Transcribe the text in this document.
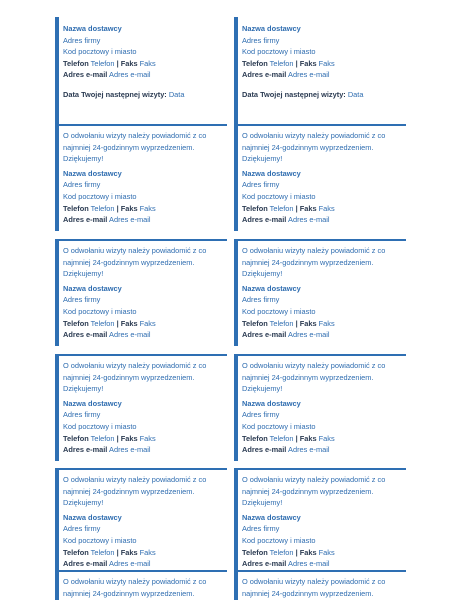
Nazwa dostawcy

Adres firmy

Kod pocztowy i miasto

Telefon Telefon | Faks Faks

Adres e-mail Adres e-mail

Data Twojej następnej wizyty: Data

O odwołaniu wizyty należy powiadomić z co
najmniej 24-godzinnym wyprzedzeniem.
Dziękujemy!

Nazwa dostawcy

Adres firmy

Kod pocztowy i miasto

Telefon Telefon | Faks Faks

Adres e-mail Adres e-mail

O odwołaniu wizyty należy powiadomić z co
najmniej 24-godzinnym wyprzedzeniem.
Dziękujemy!

Nazwa dostawcy

Adres firmy

Kod pocztowy i miasto

Telefon Telefon | Faks Faks

Adres e-mail Adres e-mail

O odwołaniu wizyty należy powiadomić z co
najmniej 24-godzinnym wyprzedzeniem.
Dziękujemy!

Nazwa dostawcy

Adres firmy

Kod pocztowy i miasto

Telefon Telefon | Faks Faks

Adres e-mail Adres e-mail

O odwołaniu wizyty należy powiadomić z co
najmniej 24-godzinnym wyprzedzeniem.
Dziękujemy!

Nazwa dostawcy

Adres firmy

Kod pocztowy i miasto

Telefon Telefon | Faks Faks

Adres e-mail Adres e-mail

O odwołaniu wizyty należy powiadomić z co
najmniej 24-godzinnym wyprzedzeniem.

Nazwa dostawcy

Adres firmy

Kod pocztowy i miasto

Telefon Telefon | Faks Faks

Adres e-mail Adres e-mail

Data Twojej następnej wizyty: Data

O odwołaniu wizyty należy powiadomić z co
najmniej 24-godzinnym wyprzedzeniem.
Dziękujemy!

Nazwa dostawcy

Adres firmy

Kod pocztowy i miasto

Telefon Telefon | Faks Faks

Adres e-mail Adres e-mail

O odwołaniu wizyty należy powiadomić z co
najmniej 24-godzinnym wyprzedzeniem.
Dziękujemy!

Nazwa dostawcy

Adres firmy

Kod pocztowy i miasto

Telefon Telefon | Faks Faks

Adres e-mail Adres e-mail

O odwołaniu wizyty należy powiadomić z co
najmniej 24-godzinnym wyprzedzeniem.
Dziękujemy!

Nazwa dostawcy

Adres firmy

Kod pocztowy i miasto

Telefon Telefon | Faks Faks

Adres e-mail Adres e-mail

O odwołaniu wizyty należy powiadomić z co
najmniej 24-godzinnym wyprzedzeniem.
Dziękujemy!

Nazwa dostawcy

Adres firmy

Kod pocztowy i miasto

Telefon Telefon | Faks Faks

Adres e-mail Adres e-mail

O odwołaniu wizyty należy powiadomić z co
najmniej 24-godzinnym wyprzedzeniem.
